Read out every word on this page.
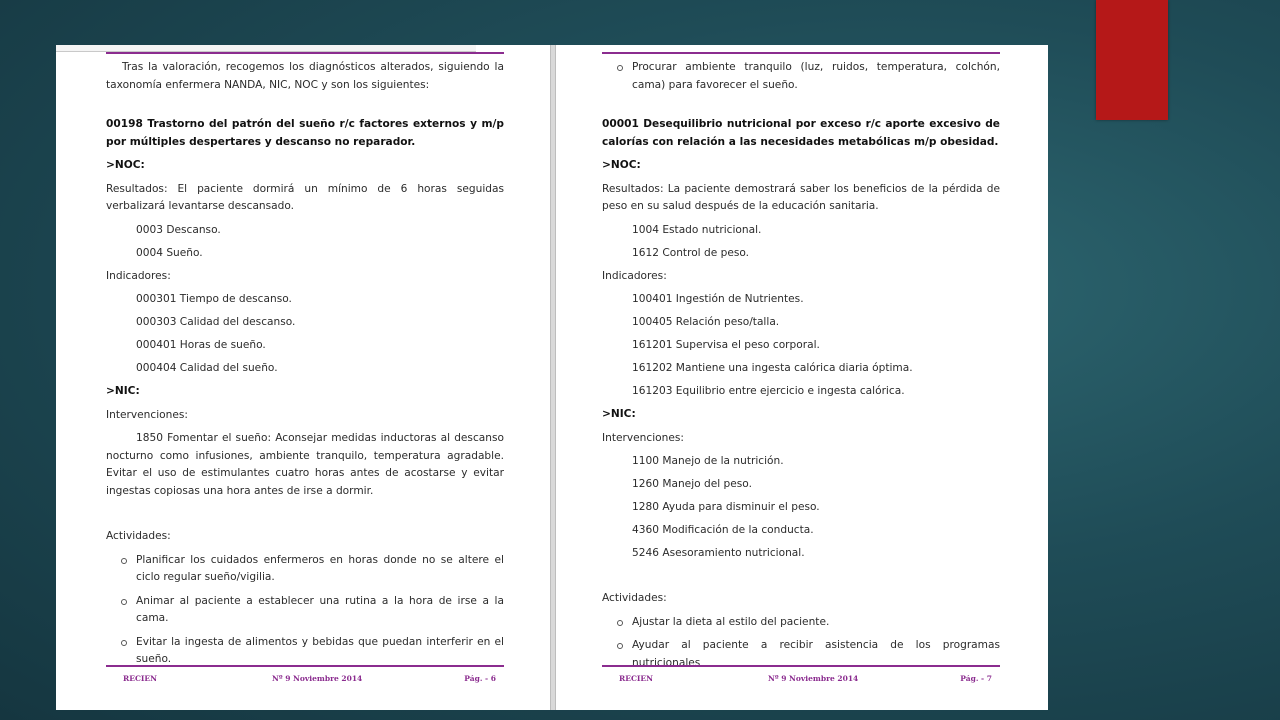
Tras la valoración, recogemos los diagnósticos alterados, siguiendo la taxonomía enfermera NANDA, NIC, NOC y son los siguientes:

00198 Trastorno del patrón del sueño r/c factores externos y m/p por múltiples despertares y descanso no reparador.

>NOC:

Resultados: El paciente dormirá un mínimo de 6 horas seguidas verbalizará levantarse descansado.

0003 Descanso.

0004 Sueño.

Indicadores:

000301 Tiempo de descanso.

000303 Calidad del descanso.

000401 Horas de sueño.

000404 Calidad del sueño.

>NIC:

Intervenciones:

1850 Fomentar el sueño: Aconsejar medidas inductoras al descanso nocturno como infusiones, ambiente tranquilo, temperatura agradable. Evitar el uso de estimulantes cuatro horas antes de acostarse y evitar ingestas copiosas una hora antes de irse a dormir.

Actividades:

Planificar los cuidados enfermeros en horas donde no se altere el ciclo regular sueño/vigilia.
Animar al paciente a establecer una rutina a la hora de irse a la cama.
Evitar la ingesta de alimentos y bebidas que puedan interferir en el sueño.
RECIEN	Nº 9 Noviembre 2014	Pág. - 6
Procurar ambiente tranquilo (luz, ruidos, temperatura, colchón, cama) para favorecer el sueño.

00001 Desequilibrio nutricional por exceso r/c aporte excesivo de calorías con relación a las necesidades metabólicas m/p obesidad.

>NOC:

Resultados: La paciente demostrará saber los beneficios de la pérdida de peso en su salud después de la educación sanitaria.

1004 Estado nutricional.

1612 Control de peso.

Indicadores:

100401 Ingestión de Nutrientes.

100405 Relación peso/talla.

161201 Supervisa el peso corporal.

161202 Mantiene una ingesta calórica diaria óptima.

161203 Equilibrio entre ejercicio e ingesta calórica.

>NIC:

Intervenciones:

1100 Manejo de la nutrición.

1260 Manejo del peso.

1280 Ayuda para disminuir el peso.

4360 Modificación de la conducta.

5246 Asesoramiento nutricional.

Actividades:

Ajustar la dieta al estilo del paciente.
Ayudar al paciente a recibir asistencia de los programas nutricionales
RECIEN	Nº 9 Noviembre 2014	Pág. - 7
